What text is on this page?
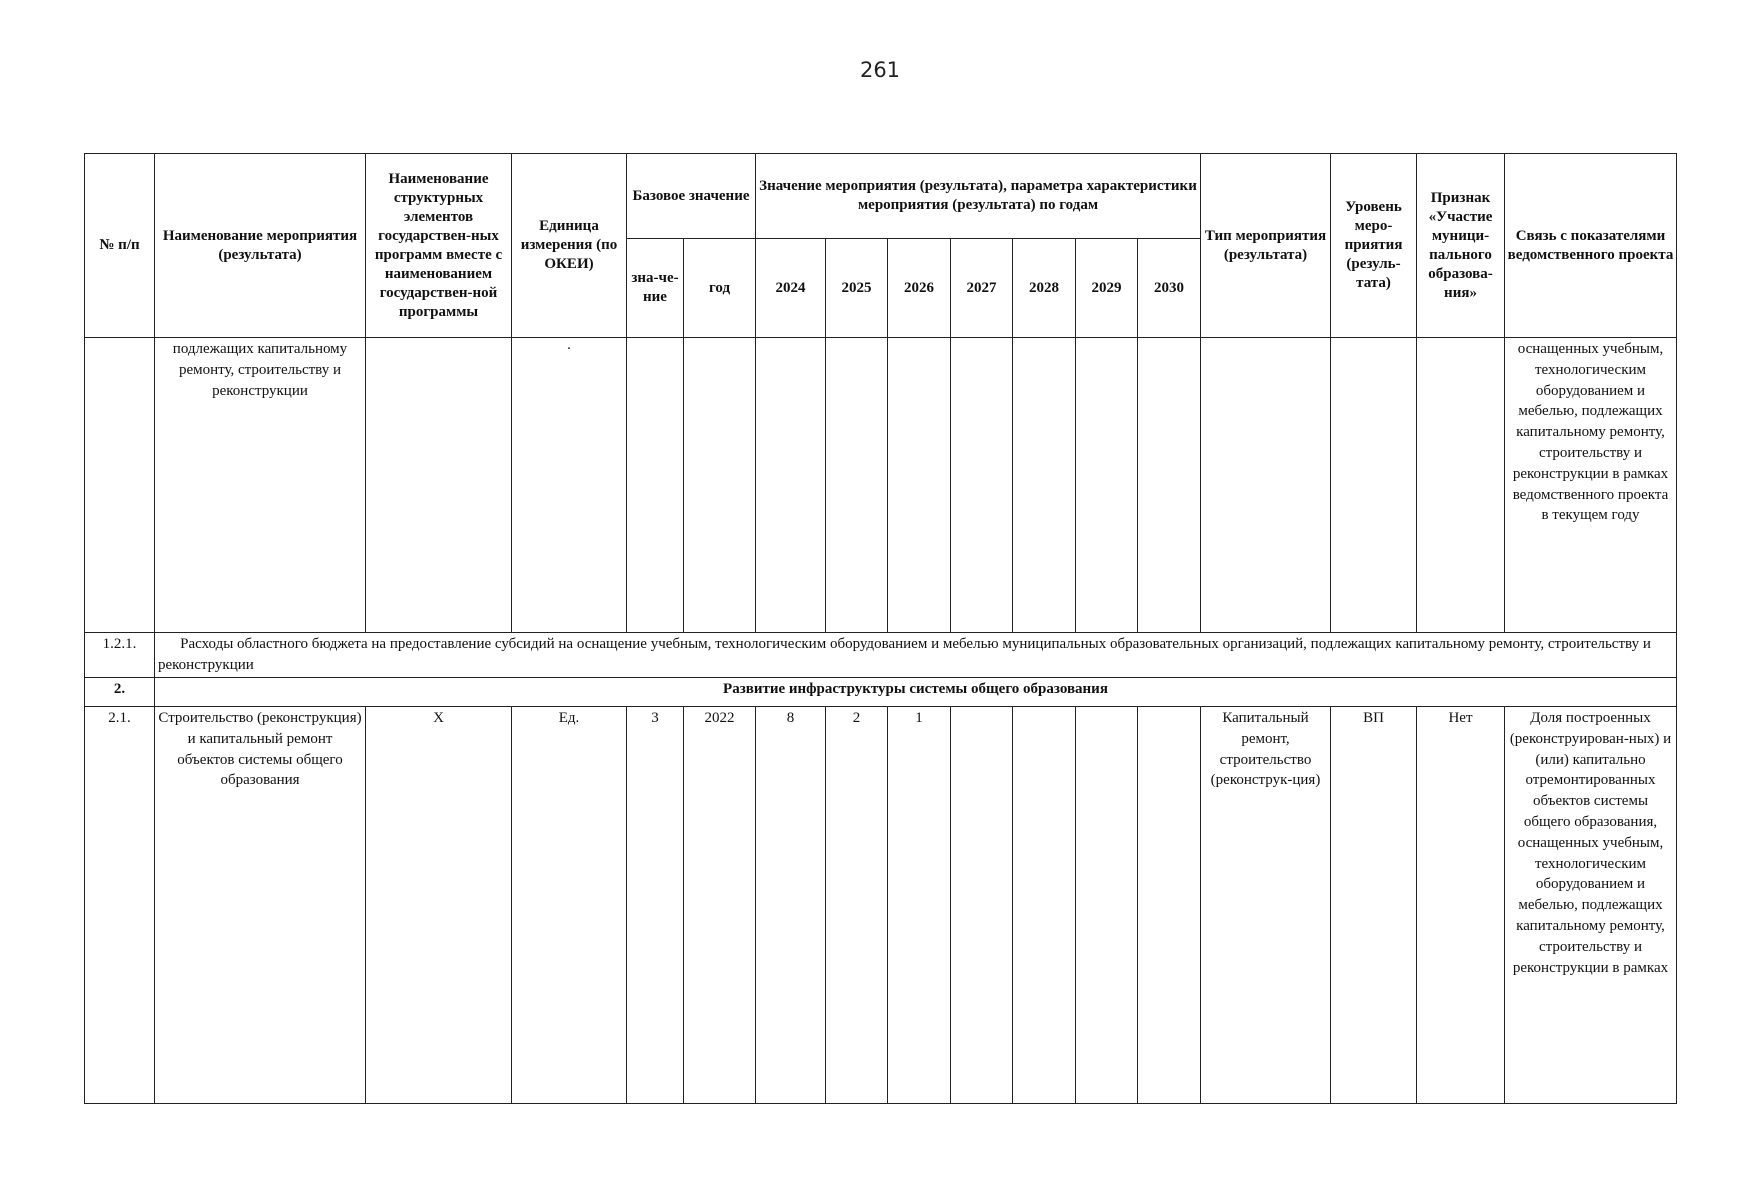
261
№ п/п	Наименование мероприятия (результата)	Наименование структурных элементов государствен-ных программ вместе с наименованием государствен-ной программы	Единица измерения (по ОКЕИ)	Базовое значение		Значение мероприятия (результата), параметра характеристики мероприятия (результата) по годам							Тип мероприятия (результата)	Уровень меро-приятия (резуль-тата)	Признак «Участие муници-пального образова-ния»	Связь с показателями ведомственного проекта
				зна-че-ние	год	2024	2025	2026	2027	2028	2029	2030				
	подлежащих капитальному ремонту, строительству и реконструкции		·													оснащенных учебным, технологическим оборудованием и мебелью, подлежащих капитальному ремонту, строительству и реконструкции в рамках ведомственного проекта в текущем году
1.2.1.	Расходы областного бюджета на предоставление субсидий на оснащение учебным, технологическим оборудованием и мебелью муниципальных образовательных организаций, подлежащих капитальному ремонту, строительству и реконструкции															
2.	Развитие инфраструктуры системы общего образования															
2.1.	Строительство (реконструкция) и капитальный ремонт объектов системы общего образования	Х	Ед.	3	2022	8	2	1					Капитальный ремонт, строительство (реконструк-ция)	ВП	Нет	Доля построенных (реконструирован-ных) и (или) капитально отремонтированных объектов системы общего образования, оснащенных учебным, технологическим оборудованием и мебелью, подлежащих капитальному ремонту, строительству и реконструкции в рамках
